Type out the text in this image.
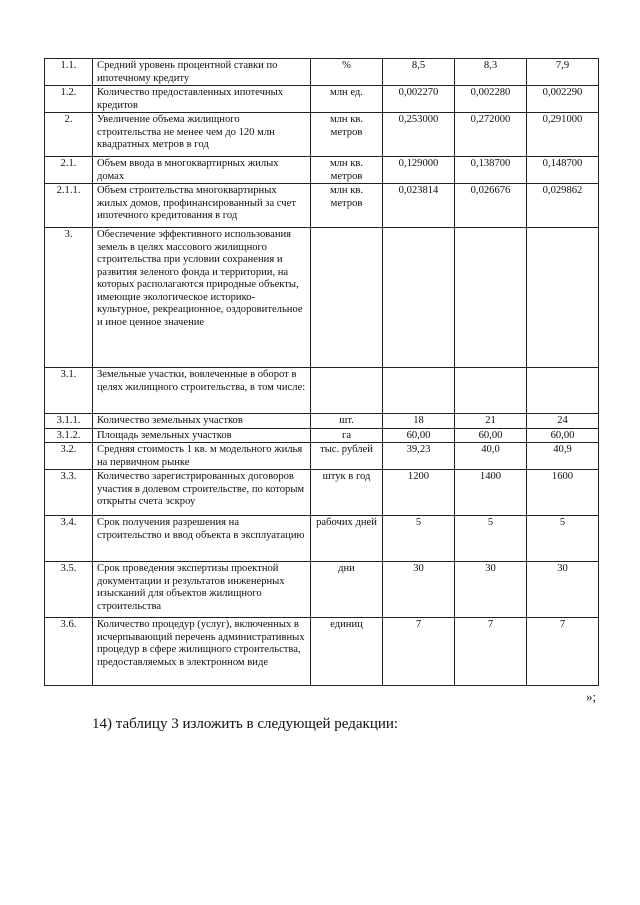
1.1.	Средний уровень процентной ставки по ипотечному кредиту	%	8,5	8,3	7,9
1.2.	Количество предоставленных ипотечных кредитов	млн ед.	0,002270	0,002280	0,002290
2.	Увеличение объема жилищного строительства не менее чем до 120 млн квадратных метров в год	млн кв. метров	0,253000	0,272000	0,291000
2.1.	Объем ввода в многоквартирных жилых домах	млн кв. метров	0,129000	0,138700	0,148700
2.1.1.	Объем строительства многоквартирных жилых домов, профинансированный за счет ипотечного кредитования в год	млн кв. метров	0,023814	0,026676	0,029862
3.	Обеспечение эффективного использования земель в целях массового жилищного строительства при условии сохранения и развития зеленого фонда и территории, на которых располагаются природные объекты, имеющие экологическое историко-культурное, рекреационное, оздоровительное и иное ценное значение				
3.1.	Земельные участки, вовлеченные в оборот в целях жилищного строительства, в том числе:				
3.1.1.	Количество земельных участков	шт.	18	21	24
3.1.2.	Площадь земельных участков	га	60,00	60,00	60,00
3.2.	Средняя стоимость 1 кв. м модельного жилья на первичном рынке	тыс. рублей	39,23	40,0	40,9
3.3.	Количество зарегистрированных договоров участия в долевом строительстве, по которым открыты счета эскроу	штук в год	1200	1400	1600
3.4.	Срок получения разрешения на строительство и ввод объекта в эксплуатацию	рабочих дней	5	5	5
3.5.	Срок проведения экспертизы проектной документации и результатов инженерных изысканий для объектов жилищного строительства	дни	30	30	30
3.6.	Количество процедур (услуг), включенных в исчерпывающий перечень административных процедур в сфере жилищного строительства, предоставляемых в электронном виде	единиц	7	7	7
»;
14) таблицу 3 изложить в следующей редакции:
